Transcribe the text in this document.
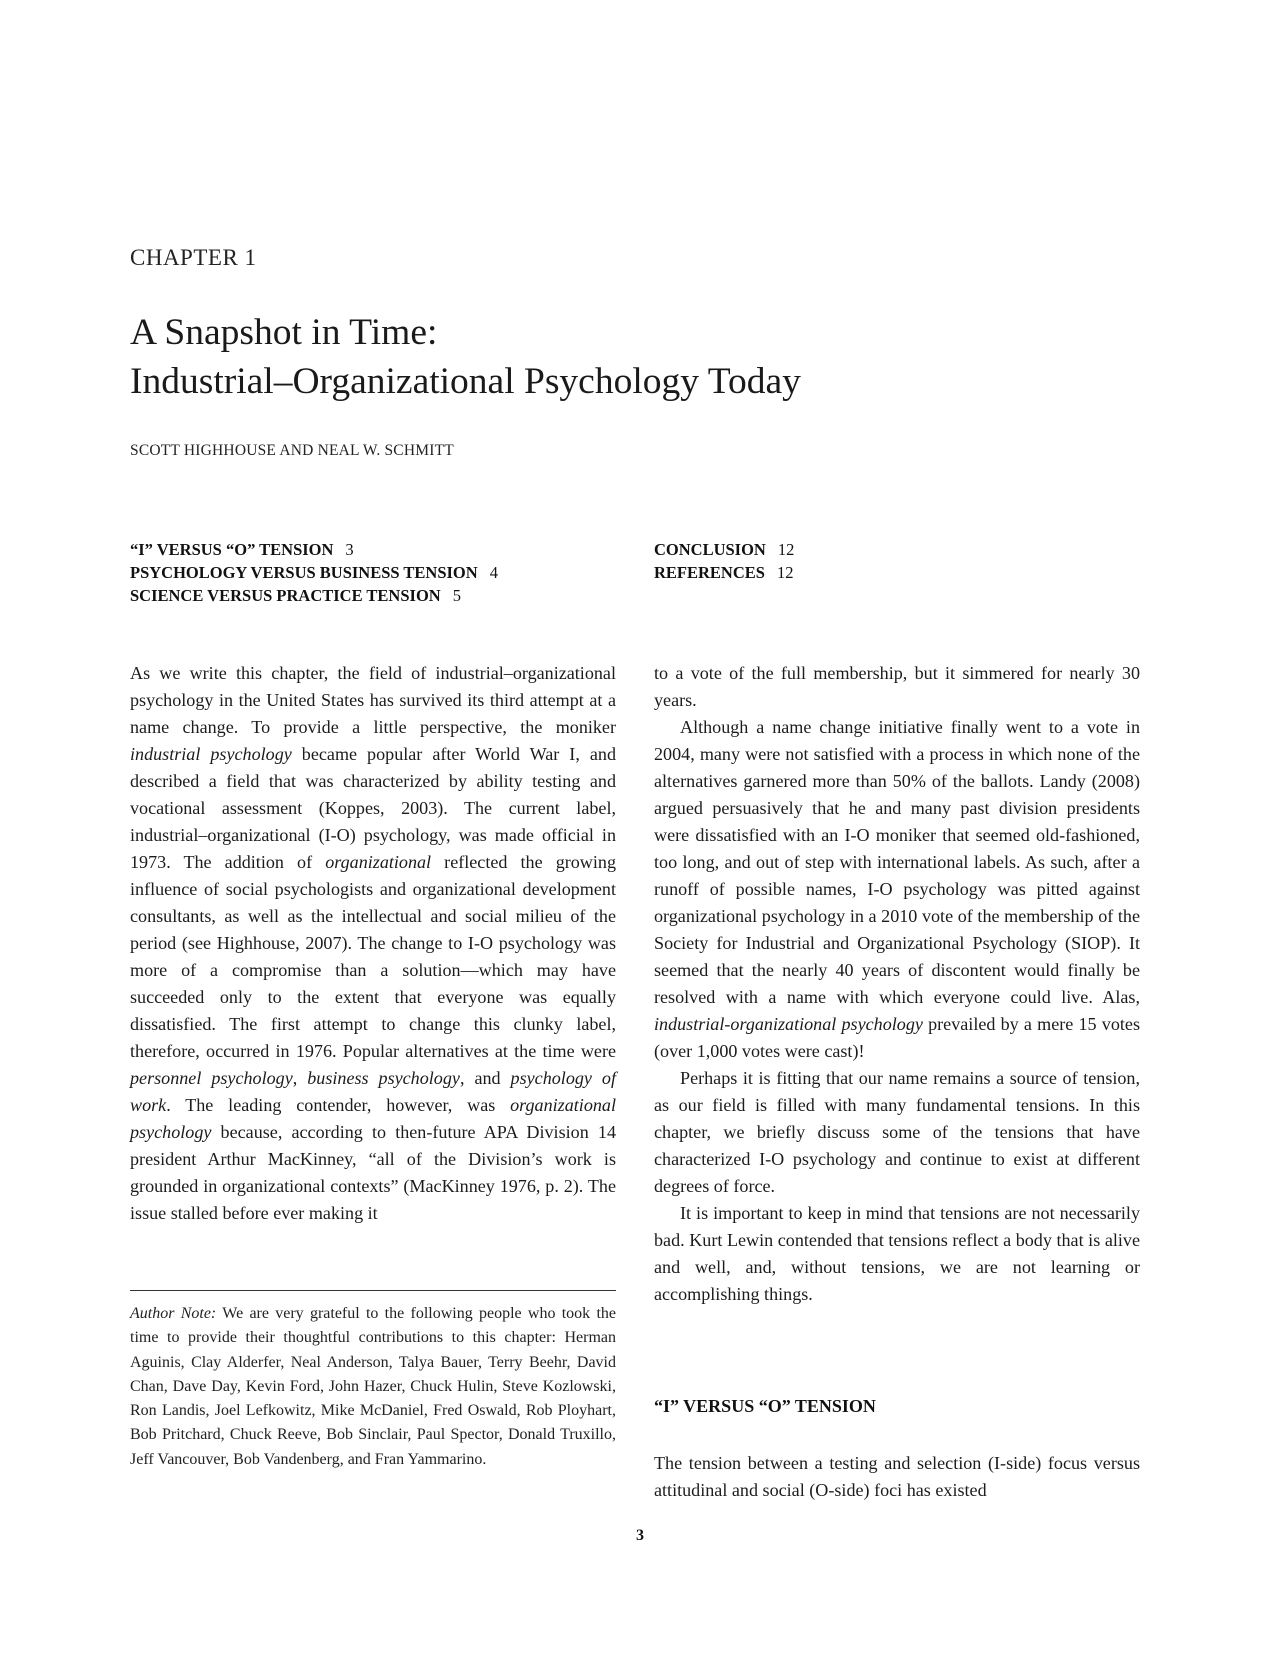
CHAPTER 1
A Snapshot in Time:
Industrial–Organizational Psychology Today
SCOTT HIGHHOUSE AND NEAL W. SCHMITT
“I” VERSUS “O” TENSION 3
PSYCHOLOGY VERSUS BUSINESS TENSION 4
SCIENCE VERSUS PRACTICE TENSION 5
CONCLUSION 12
REFERENCES 12

As we write this chapter, the field of industrial–organizational psychology in the United States has survived its third attempt at a name change. To provide a little perspective, the moniker industrial psychology became popular after World War I, and described a field that was characterized by ability testing and vocational assessment (Koppes, 2003). The current label, industrial–organizational (I-O) psychology, was made official in 1973. The addition of organizational reflected the growing influence of social psychologists and organizational development consultants, as well as the intellectual and social milieu of the period (see Highhouse, 2007). The change to I-O psychology was more of a compromise than a solution—which may have succeeded only to the extent that everyone was equally dissatisfied. The first attempt to change this clunky label, therefore, occurred in 1976. Popular alternatives at the time were personnel psychology, business psychology, and psychology of work. The leading contender, however, was organizational psychology because, according to then-future APA Division 14 president Arthur MacKinney, “all of the Division’s work is grounded in organizational contexts” (MacKinney 1976, p. 2). The issue stalled before ever making it

Author Note: We are very grateful to the following people who took the time to provide their thoughtful contributions to this chapter: Herman Aguinis, Clay Alderfer, Neal Anderson, Talya Bauer, Terry Beehr, David Chan, Dave Day, Kevin Ford, John Hazer, Chuck Hulin, Steve Kozlowski, Ron Landis, Joel Lefkowitz, Mike McDaniel, Fred Oswald, Rob Ployhart, Bob Pritchard, Chuck Reeve, Bob Sinclair, Paul Spector, Donald Truxillo, Jeff Vancouver, Bob Vandenberg, and Fran Yammarino.

to a vote of the full membership, but it simmered for nearly 30 years.

Although a name change initiative finally went to a vote in 2004, many were not satisfied with a process in which none of the alternatives garnered more than 50% of the ballots. Landy (2008) argued persuasively that he and many past division presidents were dissatisfied with an I-O moniker that seemed old-fashioned, too long, and out of step with international labels. As such, after a runoff of possible names, I-O psychology was pitted against organizational psychology in a 2010 vote of the membership of the Society for Industrial and Organizational Psychology (SIOP). It seemed that the nearly 40 years of discontent would finally be resolved with a name with which everyone could live. Alas, industrial-organizational psychology prevailed by a mere 15 votes (over 1,000 votes were cast)!

Perhaps it is fitting that our name remains a source of tension, as our field is filled with many fundamental tensions. In this chapter, we briefly discuss some of the tensions that have characterized I-O psychology and continue to exist at different degrees of force.

It is important to keep in mind that tensions are not necessarily bad. Kurt Lewin contended that tensions reflect a body that is alive and well, and, without tensions, we are not learning or accomplishing things.

“I” VERSUS “O” TENSION
The tension between a testing and selection (I-side) focus versus attitudinal and social (O-side) foci has existed
3
